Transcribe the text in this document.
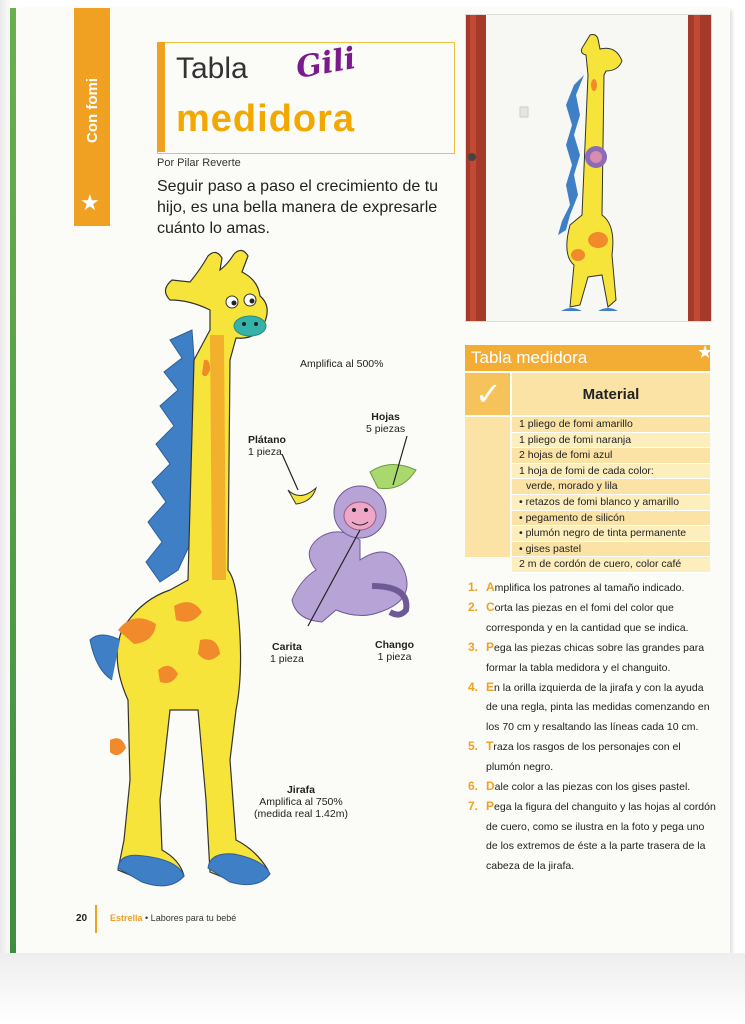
Con fomi
★
Tabla
medidora
Gili
Por Pilar Reverte
Seguir paso a paso el crecimiento de tu hijo, es una bella manera de expresarle cuánto lo amas.
Tabla medidora	★
✓	Material
1 pliego de fomi amarillo
1 pliego de fomi naranja
2 hojas de fomi azul
1 hoja de fomi de cada color:
verde, morado y lila
• retazos de fomi blanco y amarillo
• pegamento de silicón
• plumón negro de tinta permanente
• gises pastel
2 m de cordón de cuero, color café
1. Amplifica los patrones al tamaño indicado.
2. Corta las piezas en el fomi del color que corresponda y en la cantidad que se indica.
3. Pega las piezas chicas sobre las grandes para formar la tabla medidora y el changuito.
4. En la orilla izquierda de la jirafa y con la ayuda de una regla, pinta las medidas comenzando en los 70 cm y resaltando las líneas cada 10 cm.
5. Traza los rasgos de los personajes con el plumón negro.
6. Dale color a las piezas con los gises pastel.
7. Pega la figura del changuito y las hojas al cordón de cuero, como se ilustra en la foto y pega uno de los extremos de éste a la parte trasera de la cabeza de la jirafa.
Amplifica al 500%
Hojas
5 piezas
Plátano
1 pieza
Carita
1 pieza
Chango
1 pieza
Jirafa
Amplifica al 750%
(medida real 1.42m)
20	Estrella • Labores para tu bebé
